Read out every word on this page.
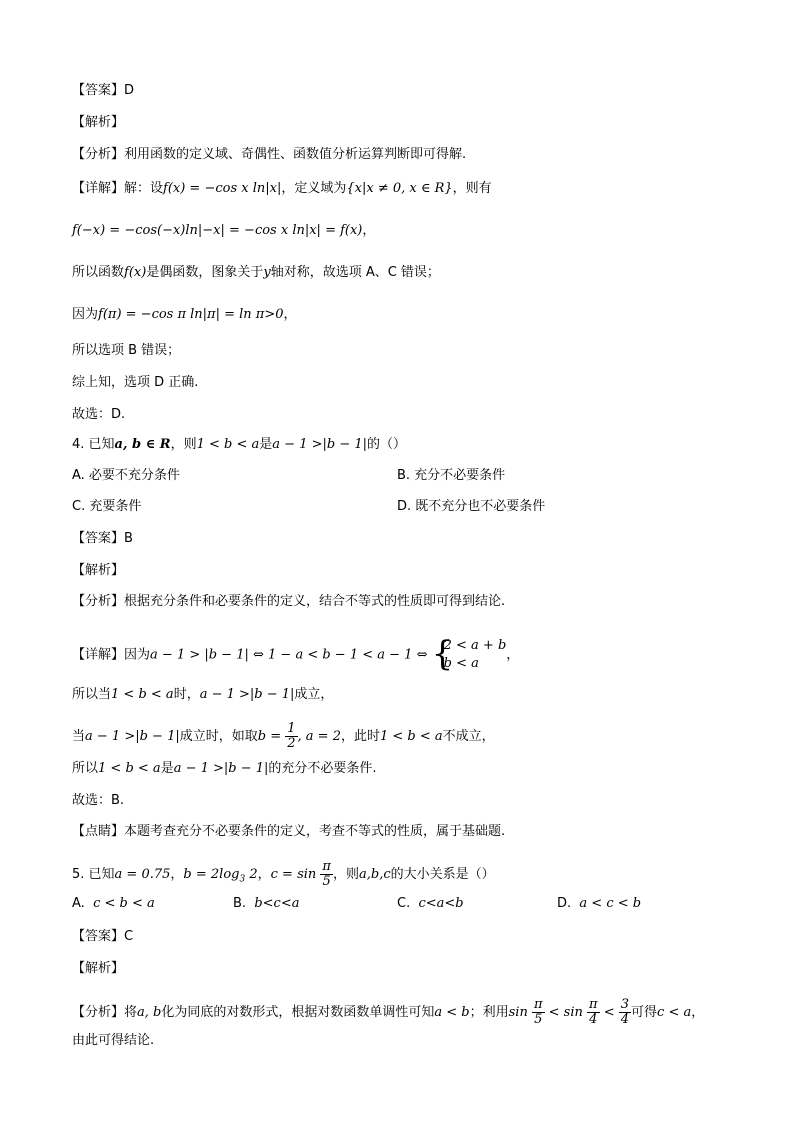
【答案】D
【解析】
【分析】利用函数的定义域、奇偶性、函数值分析运算判断即可得解.
【详解】解：设f(x) = −cos x ln|x|，定义域为{x|x ≠ 0, x ∈ R}，则有
f(−x) = −cos(−x)ln|−x| = −cos x ln|x| = f(x)，
所以函数f(x)是偶函数，图象关于y轴对称，故选项 A、C 错误；
因为f(π) = −cos π ln|π| = ln π>0，
所以选项 B 错误；
综上知，选项 D 正确.
故选：D.
4. 已知a, b ∈ R，则1 < b < a是a − 1 >|b − 1|的（）
A. 必要不充分条件	B. 充分不必要条件
C. 充要条件	D. 既不充分也不必要条件
【答案】B
【解析】
【分析】根据充分条件和必要条件的定义，结合不等式的性质即可得到结论.
【详解】因为a − 1 > |b − 1| ⇔ 1 − a < b − 1 < a − 1 ⇔ {
2 < a + b
b < a
，
所以当1 < b < a时，a − 1 >|b − 1|成立，
当a − 1 >|b − 1|成立时，如取$b = \frac{1}{2}$ , a = 2，此时1 < b < a不成立，
所以1 < b < a是a − 1 >|b − 1|的充分不必要条件.
故选：B.
【点睛】本题考查充分不必要条件的定义，考查不等式的性质，属于基础题.
5. 已知a = 0.75，$b = 2\log_3$ 2，$c = \sin \frac{\pi}{5}$ ，则a,b,c的大小关系是（）
A. c < b < a	B. b<c<a	C. c<a<b	D. a < c < b
【答案】C
【解析】
【分析】将a, b化为同底的对数形式，根据对数函数单调性可知a < b；利用$\sin \frac{\pi}{5} < \sin \frac{\pi}{4} < \frac{3}{4}$ 可得c < a，
由此可得结论.
